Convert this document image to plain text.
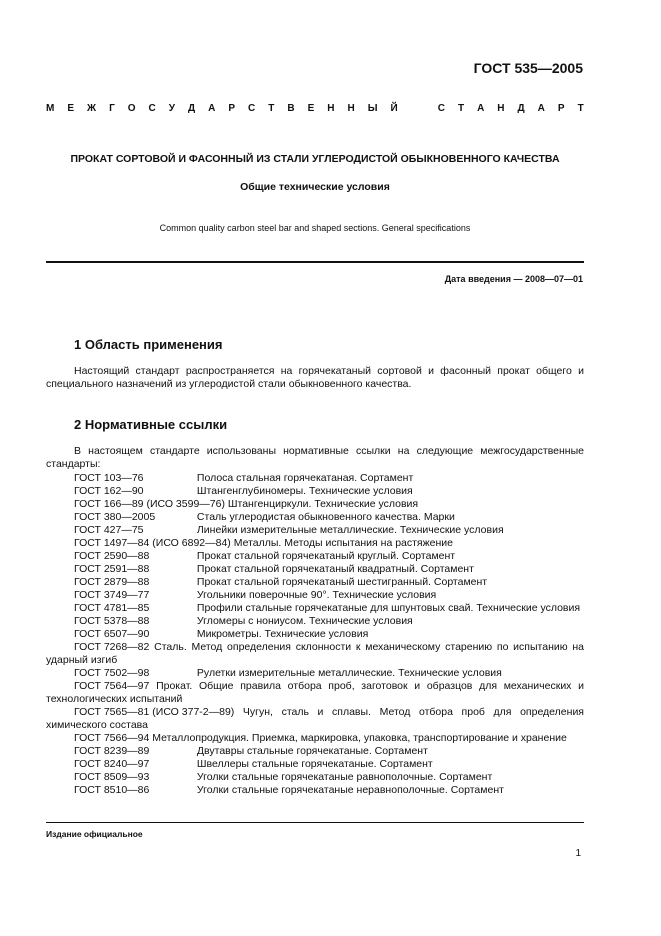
ГОСТ 535—2005
М Е Ж Г О С У Д А Р С Т В Е Н Н Ы Й	С Т А Н Д А Р Т
ПРОКАТ СОРТОВОЙ И ФАСОННЫЙ ИЗ СТАЛИ УГЛЕРОДИСТОЙ ОБЫКНОВЕННОГО КАЧЕСТВА
Общие технические условия
Common quality carbon steel bar and shaped sections. General specifications
Дата введения — 2008—07—01
1 Область применения
Настоящий стандарт распространяется на горячекатаный сортовой и фасонный прокат общего и специального назначений из углеродистой стали обыкновенного качества.
2 Нормативные ссылки
В настоящем стандарте использованы нормативные ссылки на следующие межгосударственные стандарты:
ГОСТ 103—76	Полоса стальная горячекатаная. Сортамент
ГОСТ 162—90	Штангенглубиномеры. Технические условия
ГОСТ 166—89 (ИСО 3599—76) Штангенциркули. Технические условия
ГОСТ 380—2005	Сталь углеродистая обыкновенного качества. Марки
ГОСТ 427—75	Линейки измерительные металлические. Технические условия
ГОСТ 1497—84 (ИСО 6892—84) Металлы. Методы испытания на растяжение
ГОСТ 2590—88	Прокат стальной горячекатаный круглый. Сортамент
ГОСТ 2591—88	Прокат стальной горячекатаный квадратный. Сортамент
ГОСТ 2879—88	Прокат стальной горячекатаный шестигранный. Сортамент
ГОСТ 3749—77	Угольники поверочные 90°. Технические условия
ГОСТ 4781—85	Профили стальные горячекатаные для шпунтовых свай. Технические условия
ГОСТ 5378—88	Угломеры с нониусом. Технические условия
ГОСТ 6507—90	Микрометры. Технические условия
ГОСТ 7268—82 Сталь. Метод определения склонности к механическому старению по испытанию на ударный изгиб
ГОСТ 7502—98	Рулетки измерительные металлические. Технические условия
ГОСТ 7564—97 Прокат. Общие правила отбора проб, заготовок и образцов для механических и технологических испытаний
ГОСТ 7565—81 (ИСО 377-2—89) Чугун, сталь и сплавы. Метод отбора проб для определения химического состава
ГОСТ 7566—94 Металлопродукция. Приемка, маркировка, упаковка, транспортирование и хранение
ГОСТ 8239—89	Двутавры стальные горячекатаные. Сортамент
ГОСТ 8240—97	Швеллеры стальные горячекатаные. Сортамент
ГОСТ 8509—93	Уголки стальные горячекатаные равнополочные. Сортамент
ГОСТ 8510—86	Уголки стальные горячекатаные неравнополочные. Сортамент
Издание официальное
1
